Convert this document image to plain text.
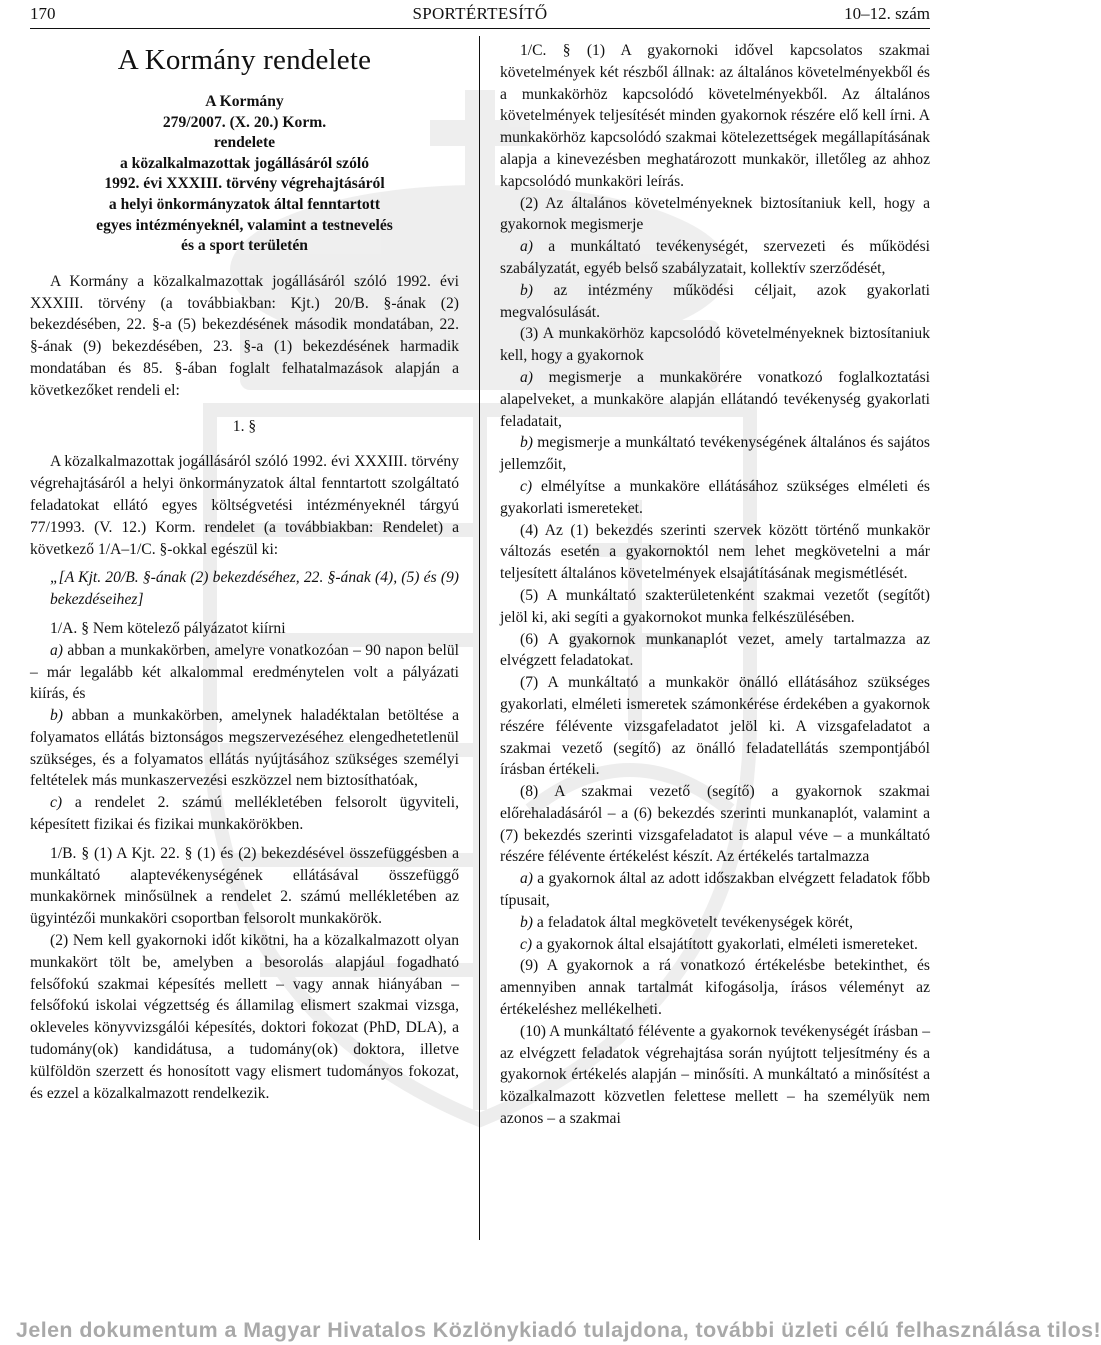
170	SPORTÉRTESÍTŐ	10–12. szám
A Kormány rendelete

A Kormány

279/2007. (X. 20.) Korm.

rendelete

a közalkalmazottak jogállásáról szóló

1992. évi XXXIII. törvény végrehajtásáról

a helyi önkormányzatok által fenntartott

egyes intézményeknél, valamint a testnevelés

és a sport területén

A Kormány a közalkalmazottak jogállásáról szóló 1992. évi XXXIII. törvény (a továbbiakban: Kjt.) 20/B. §-ának (2) bekezdésében, 22. §-a (5) bekezdésének második mondatában, 22. §-ának (9) bekezdésében, 23. §-a (1) bekezdésének harmadik mondatában és 85. §-ában foglalt felhatalmazások alapján a következőket rendeli el:

1. §

A közalkalmazottak jogállásáról szóló 1992. évi XXXIII. törvény végrehajtásáról a helyi önkormányzatok által fenntartott szolgáltató feladatokat ellátó egyes költségvetési intézményeknél tárgyú 77/1993. (V. 12.) Korm. rendelet (a továbbiakban: Rendelet) a következő 1/A–1/C. §-okkal egészül ki:

„[A Kjt. 20/B. §-ának (2) bekezdéséhez, 22. §-ának (4), (5) és (9) bekezdéseihez]

1/A. § Nem kötelező pályázatot kiírni

a) abban a munkakörben, amelyre vonatkozóan – 90 napon belül – már legalább két alkalommal eredménytelen volt a pályázati kiírás, és

b) abban a munkakörben, amelynek haladéktalan betöltése a folyamatos ellátás biztonságos megszervezéséhez elengedhetetlenül szükséges, és a folyamatos ellátás nyújtásához szükséges személyi feltételek más munkaszervezési eszközzel nem biztosíthatóak,

c) a rendelet 2. számú mellékletében felsorolt ügyviteli, képesített fizikai és fizikai munkakörökben.

1/B. § (1) A Kjt. 22. § (1) és (2) bekezdésével összefüggésben a munkáltató alaptevékenységének ellátásával összefüggő munkakörnek minősülnek a rendelet 2. számú mellékletében az ügyintézői munkaköri csoportban felsorolt munkakörök.

(2) Nem kell gyakornoki időt kikötni, ha a közalkalmazott olyan munkakört tölt be, amelyben a besorolás alapjául fogadható felsőfokú szakmai képesítés mellett – vagy annak hiányában – felsőfokú iskolai végzettség és államilag elismert szakmai vizsga, okleveles könyvvizsgálói képesítés, doktori fokozat (PhD, DLA), a tudomány(ok) kandidátusa, a tudomány(ok) doktora, illetve külföldön szerzett és honosított vagy elismert tudományos fokozat, és ezzel a közalkalmazott rendelkezik.

1/C. § (1) A gyakornoki idővel kapcsolatos szakmai követelmények két részből állnak: az általános követelményekből és a munkakörhöz kapcsolódó követelményekből. Az általános követelmények teljesítését minden gyakornok részére elő kell írni. A munkakörhöz kapcsolódó szakmai kötelezettségek megállapításának alapja a kinevezésben meghatározott munkakör, illetőleg az ahhoz kapcsolódó munkaköri leírás.

(2) Az általános követelményeknek biztosítaniuk kell, hogy a gyakornok megismerje

a) a munkáltató tevékenységét, szervezeti és működési szabályzatát, egyéb belső szabályzatait, kollektív szerződését,

b) az intézmény működési céljait, azok gyakorlati megvalósulását.

(3) A munkakörhöz kapcsolódó követelményeknek biztosítaniuk kell, hogy a gyakornok

a) megismerje a munkakörére vonatkozó foglalkoztatási alapelveket, a munkaköre alapján ellátandó tevékenység gyakorlati feladatait,

b) megismerje a munkáltató tevékenységének általános és sajátos jellemzőit,

c) elmélyítse a munkaköre ellátásához szükséges elméleti és gyakorlati ismereteket.

(4) Az (1) bekezdés szerinti szervek között történő munkakör változás esetén a gyakornoktól nem lehet megkövetelni a már teljesített általános követelmények elsajátításának megismétlését.

(5) A munkáltató szakterületenként szakmai vezetőt (segítőt) jelöl ki, aki segíti a gyakornokot munka felkészülésében.

(6) A gyakornok munkanaplót vezet, amely tartalmazza az elvégzett feladatokat.

(7) A munkáltató a munkakör önálló ellátásához szükséges gyakorlati, elméleti ismeretek számonkérése érdekében a gyakornok részére félévente vizsgafeladatot jelöl ki. A vizsgafeladatot a szakmai vezető (segítő) az önálló feladatellátás szempontjából írásban értékeli.

(8) A szakmai vezető (segítő) a gyakornok szakmai előrehaladásáról – a (6) bekezdés szerinti munkanaplót, valamint a (7) bekezdés szerinti vizsgafeladatot is alapul véve – a munkáltató részére félévente értékelést készít. Az értékelés tartalmazza

a) a gyakornok által az adott időszakban elvégzett feladatok főbb típusait,

b) a feladatok által megkövetelt tevékenységek körét,

c) a gyakornok által elsajátított gyakorlati, elméleti ismereteket.

(9) A gyakornok a rá vonatkozó értékelésbe betekinthet, és amennyiben annak tartalmát kifogásolja, írásos véleményt az értékeléshez mellékelheti.

(10) A munkáltató félévente a gyakornok tevékenységét írásban – az elvégzett feladatok végrehajtása során nyújtott teljesítmény és a gyakornok értékelés alapján – minősíti. A munkáltató a minősítést a közalkalmazott közvetlen felettese mellett – ha személyük nem azonos – a szakmai

Jelen dokumentum a Magyar Hivatalos Közlönykiadó tulajdona, további üzleti célú felhasználása tilos!
